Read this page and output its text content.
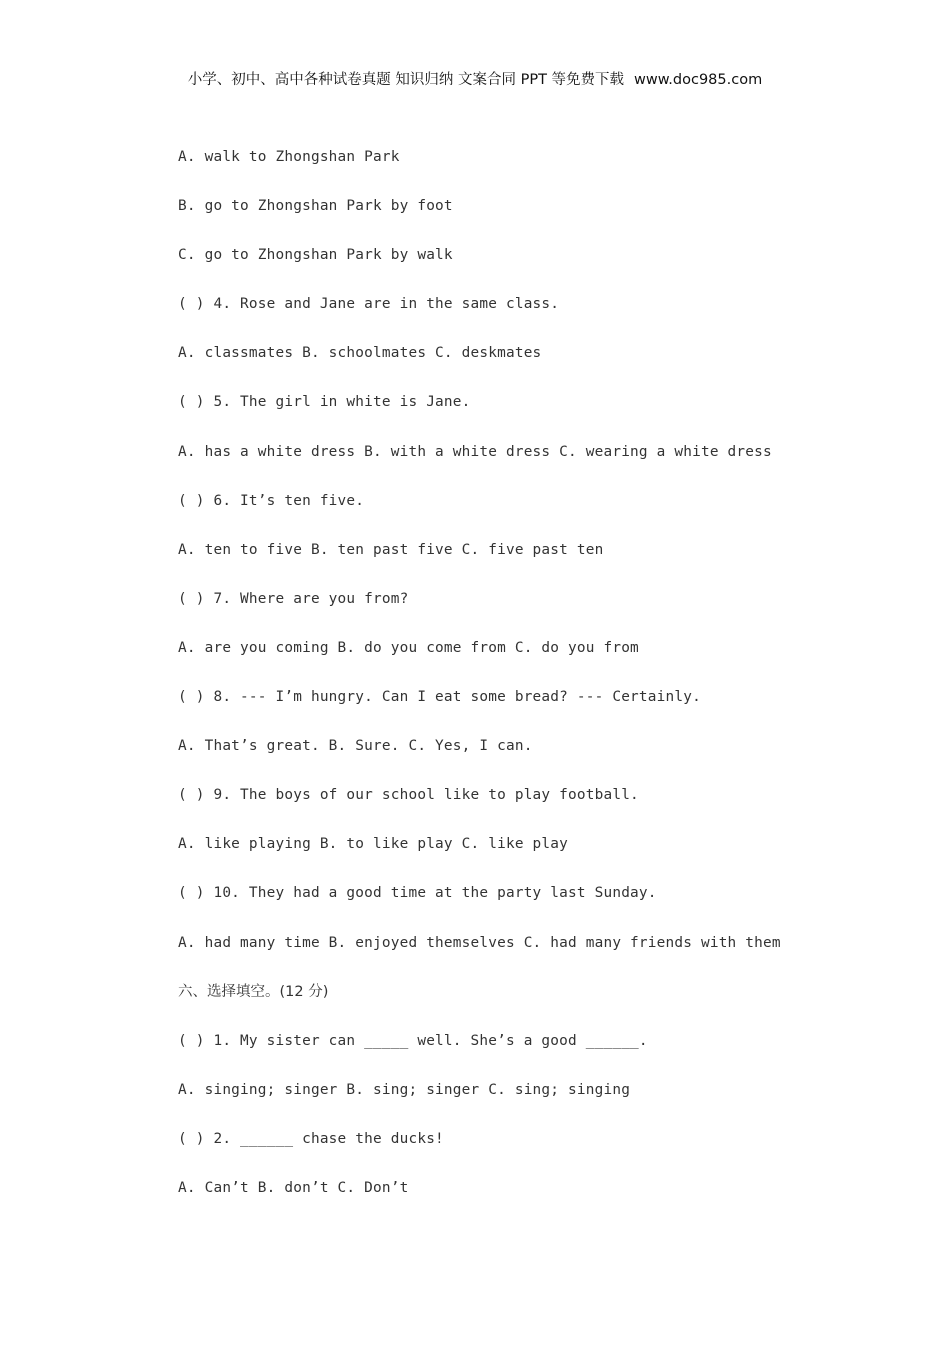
小学、初中、高中各种试卷真题 知识归纳 文案合同 PPT 等免费下载 www.doc985.com
A. walk to Zhongshan Park
B. go to Zhongshan Park by foot
C. go to Zhongshan Park by walk
( ) 4. Rose and Jane are in the same class.
A. classmates B. schoolmates C. deskmates
( ) 5. The girl in white is Jane.
A. has a white dress B. with a white dress C. wearing a white dress
( ) 6. It’s ten five.
A. ten to five B. ten past five C. five past ten
( ) 7. Where are you from?
A. are you coming B. do you come from C. do you from
( ) 8. --- I’m hungry. Can I eat some bread? --- Certainly.
A. That’s great. B. Sure. C. Yes, I can.
( ) 9. The boys of our school like to play football.
A. like playing B. to like play C. like play
( ) 10. They had a good time at the party last Sunday.
A. had many time B. enjoyed themselves C. had many friends with them
六、选择填空。(12 分)
( ) 1. My sister can _____ well. She’s a good ______.
A. singing; singer B. sing; singer C. sing; singing
( ) 2. ______ chase the ducks!
A. Can’t B. don’t C. Don’t
